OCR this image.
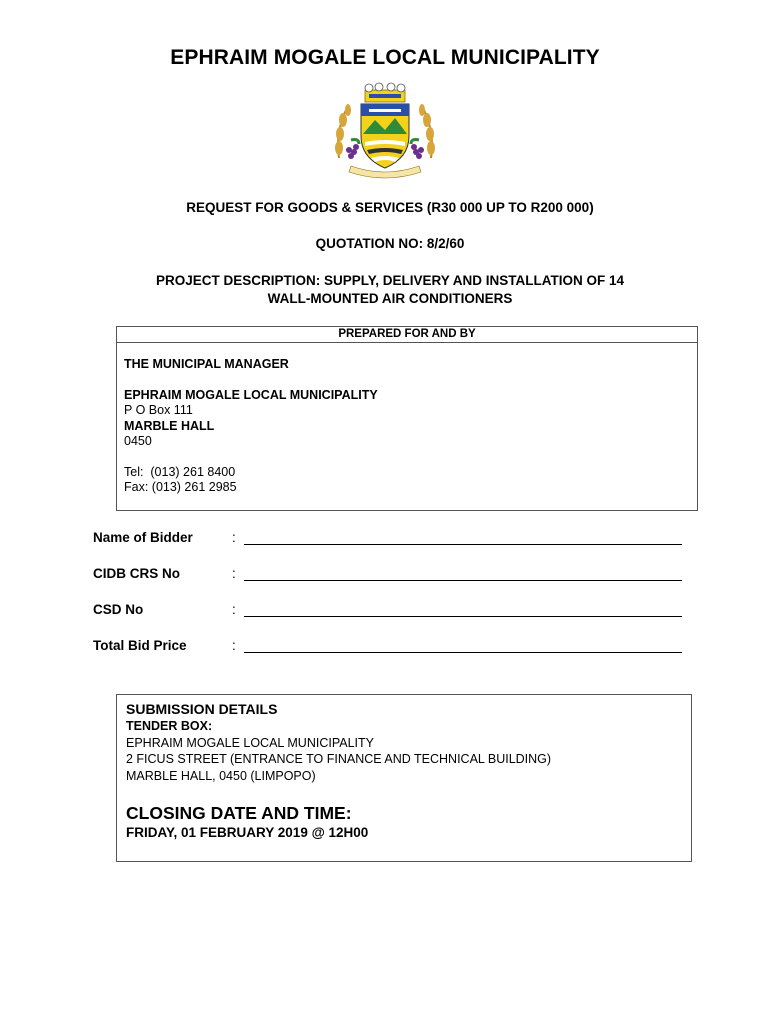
EPHRAIM MOGALE LOCAL MUNICIPALITY
REQUEST FOR GOODS & SERVICES (R30 000 UP TO R200 000)
QUOTATION NO: 8/2/60
PROJECT DESCRIPTION: SUPPLY, DELIVERY AND INSTALLATION OF 14
WALL-MOUNTED AIR CONDITIONERS
PREPARED FOR AND BY
THE MUNICIPAL MANAGER
EPHRAIM MOGALE LOCAL MUNICIPALITY
P O Box 111
MARBLE HALL
0450
Tel:  (013) 261 8400
Fax: (013) 261 2985
Name of Bidder	:
CIDB CRS No	:
CSD No	:
Total Bid Price	:
SUBMISSION DETAILS
TENDER BOX:
EPHRAIM MOGALE LOCAL MUNICIPALITY
2 FICUS STREET (ENTRANCE TO FINANCE AND TECHNICAL BUILDING)
MARBLE HALL, 0450 (LIMPOPO)
CLOSING DATE AND TIME:
FRIDAY, 01 FEBRUARY 2019 @ 12H00
